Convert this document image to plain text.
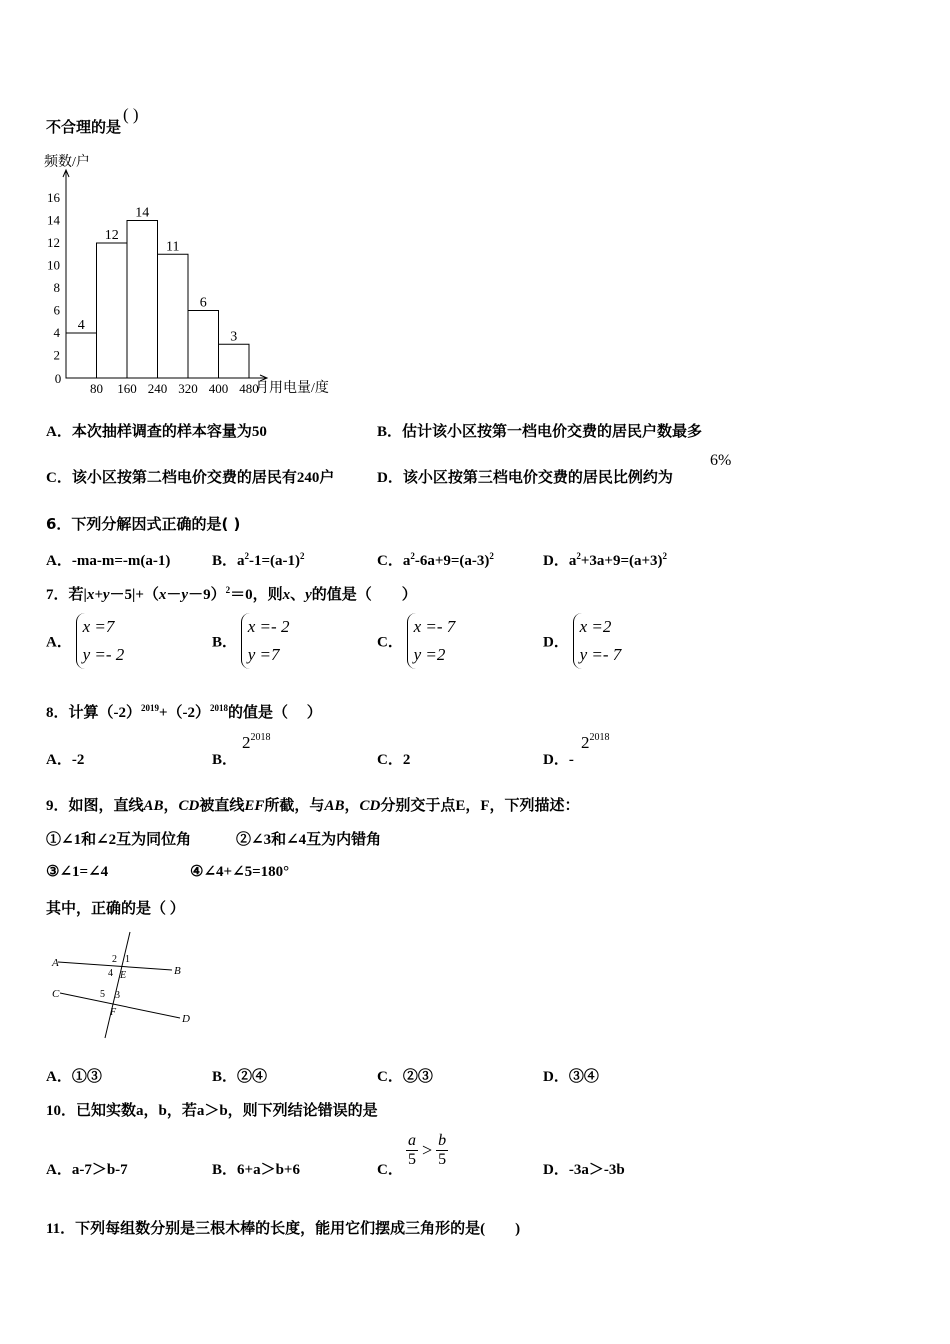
不合理的是( )
4
12
14
11
6
3
2
4
6
8
10
12
14
16
80 160 240 320 400 480
0
频数/户
月用电量/度
A．本次抽样调查的样本容量为50	B．估计该小区按第一档电价交费的居民户数最多
C．该小区按第二档电价交费的居民有240户	D．该小区按第三档电价交费的居民比例约为
6%
6．下列分解因式正确的是( )
A．-ma-m=-m(a-1)	B．$a^2-1=(a-1)^2$	C．$a^2-6a+9=(a-3)^2$	D．$a^2+3a+9=(a+3)^2$
7．若$|x+y-5|+(x-y-9)^2=0$，则x、y的值是（　　）
A．
x =7
y =- 2
B．
x =- 2
y =7
C．
x =- 7
y =2
D．
x =2
y =- 7
8．计算$(-2)^{2019}+(-2)^{2018}$的值是（　 ）
A．-2	B．
$2^{2018}$
C．2	D．-
$2^{2018}$
9．如图，直线AB，CD被直线EF所截，与AB，CD分别交于点E，F，下列描述：
①∠1和∠2互为同位角	②∠3和∠4互为内错角
③∠1=∠4	④∠4+∠5=180°
其中，正确的是（ ）
A
B
C
D
E
F
2 1
4
5 3
A．①③	B．②④	C．②③	D．③④
10．已知实数a，b，若a＞b，则下列结论错误的是
A．a-7＞b-7	B．6+a＞b+6	C．
$\frac{a}{5} > \frac{b}{5}$
D．-3a＞-3b
11．下列每组数分别是三根木棒的长度，能用它们摆成三角形的是(　　)
